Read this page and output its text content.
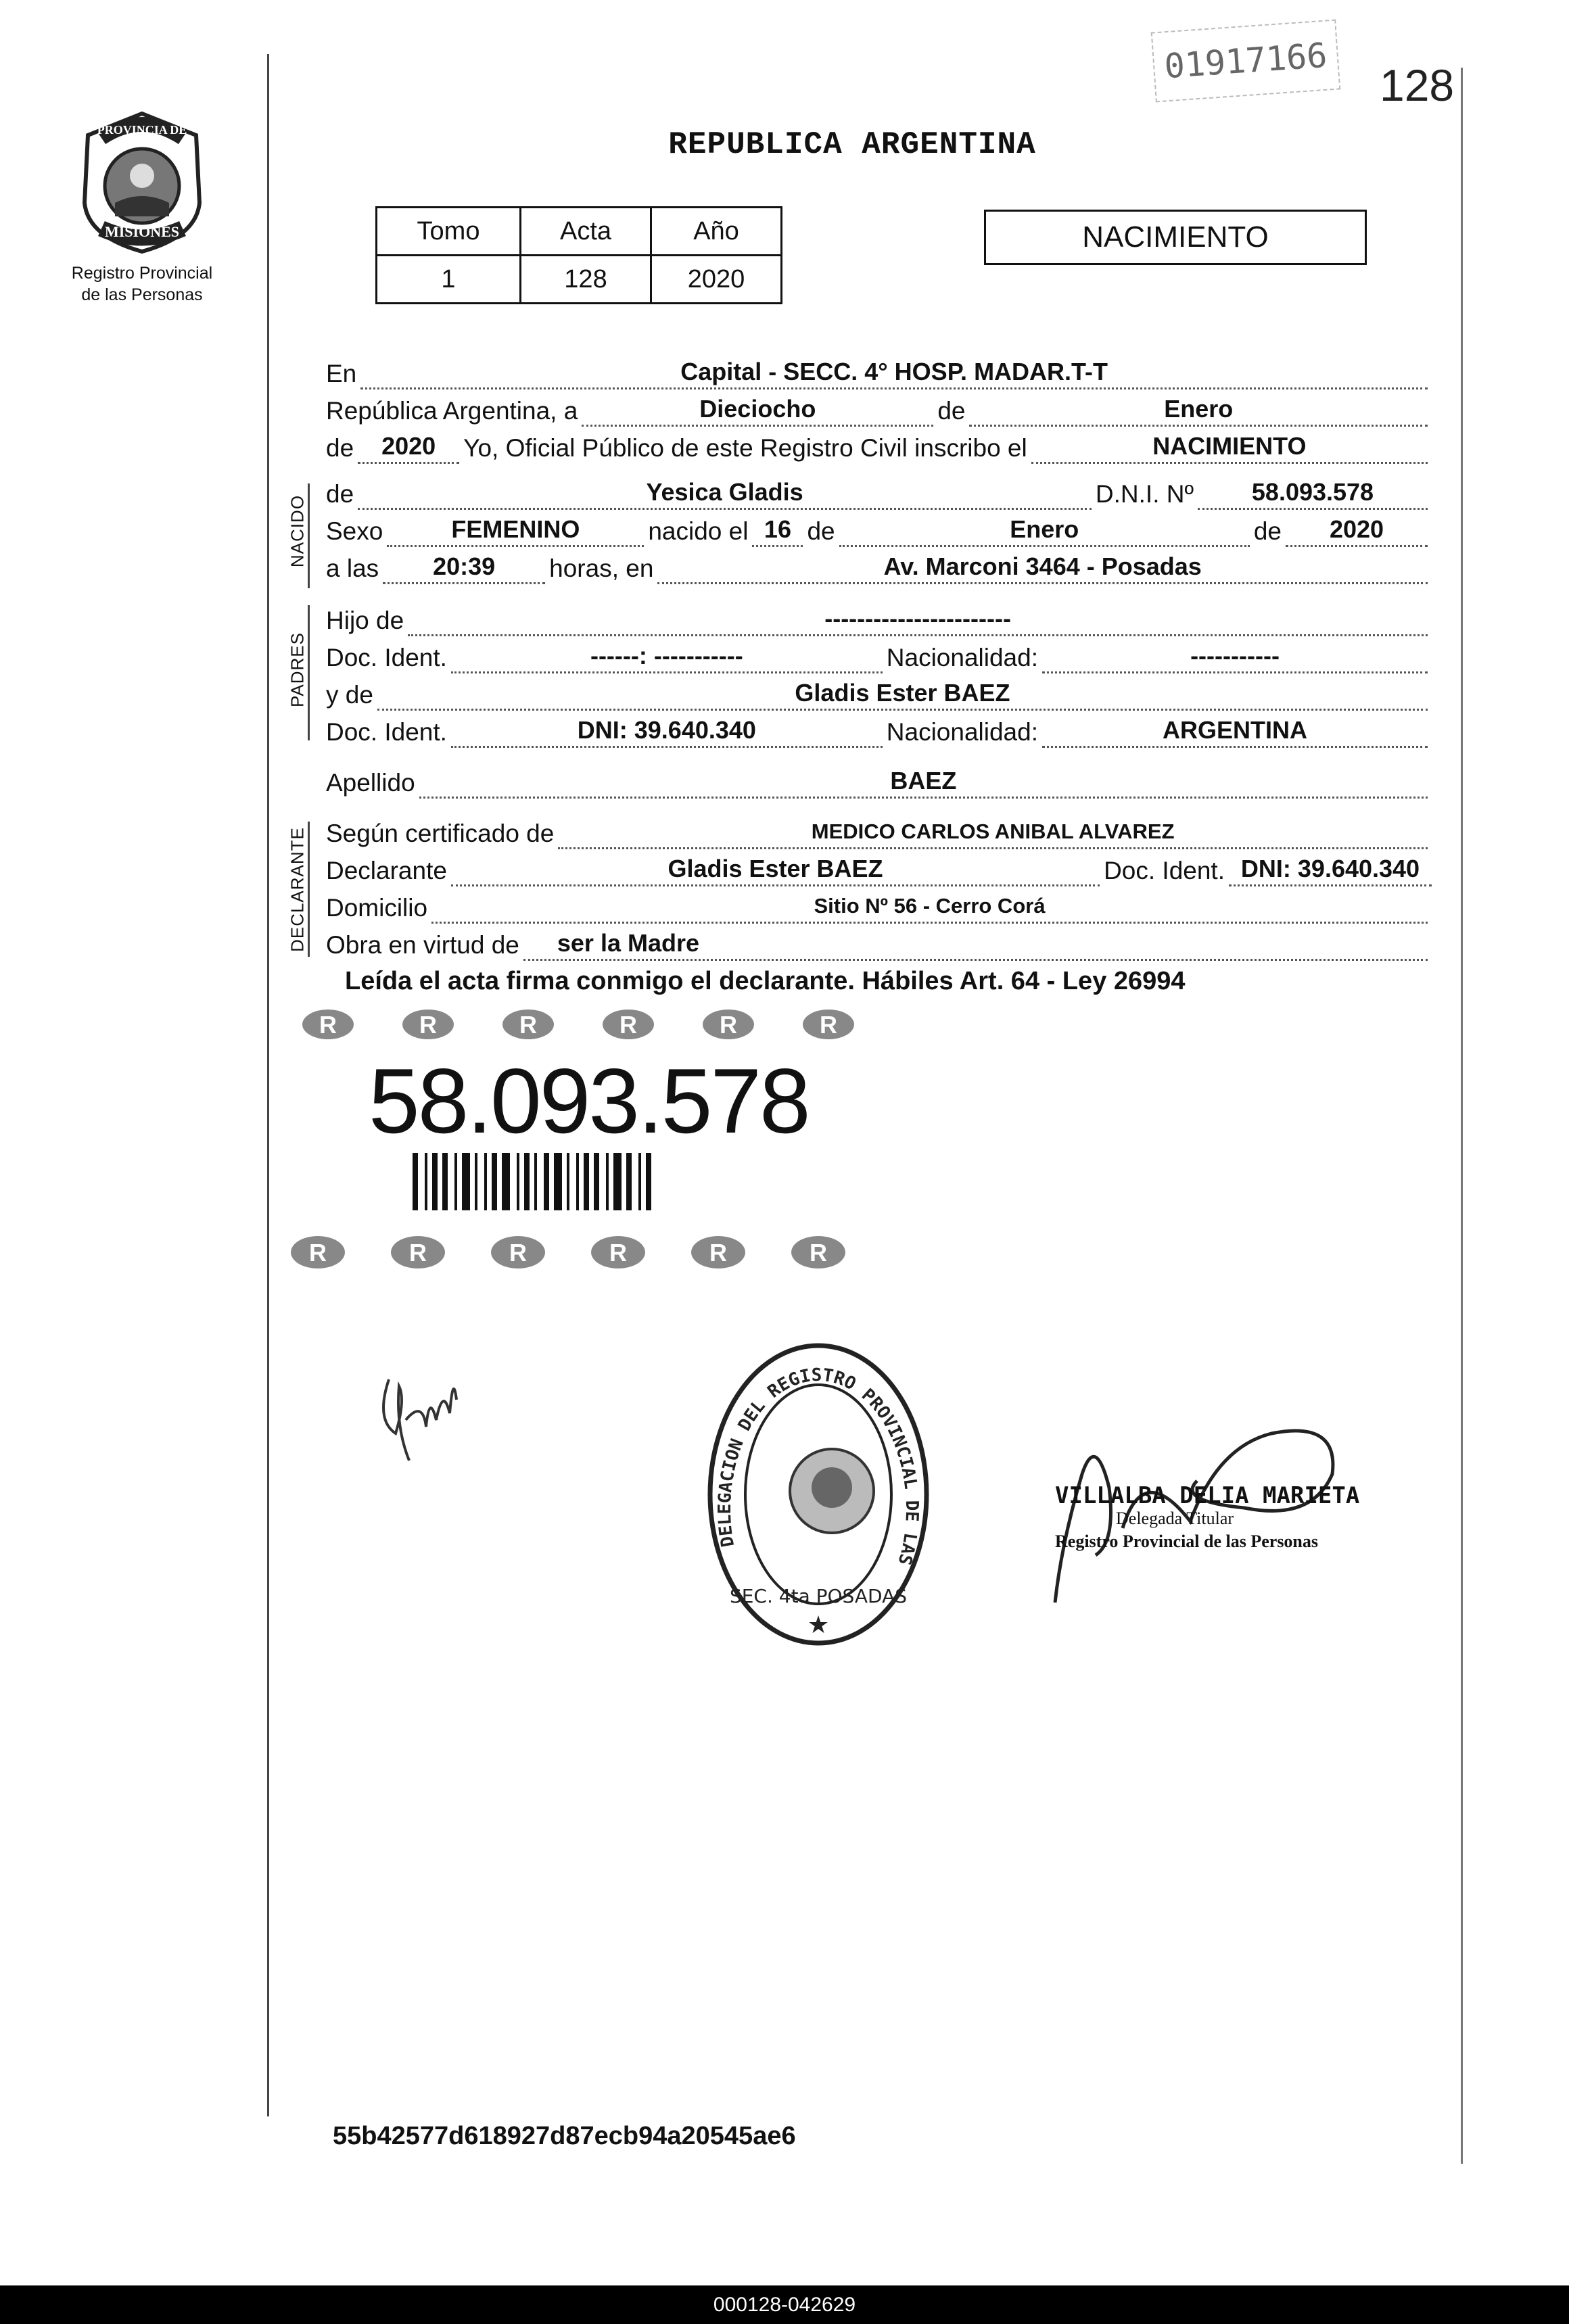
01917166 128
PROVINCIA DE
MISIONES
Registro Provincial
de las Personas
REPUBLICA ARGENTINA
Tomo	Acta	Año
1	128	2020
NACIMIENTO
En	Capital - SECC. 4° HOSP. MADAR.T-T
República Argentina, a	Dieciocho	de	Enero
de	2020	Yo, Oficial Público de este Registro Civil inscribo el	NACIMIENTO
NACIDO
de	Yesica Gladis	D.N.I. Nº	58.093.578
Sexo	FEMENINO	nacido el 16 de	Enero	de	2020
a las	20:39	horas, en	Av. Marconi 3464 - Posadas
PADRES
Hijo de	-----------------------
Doc. Ident.	------: -----------	Nacionalidad:	-----------
y de	Gladis Ester BAEZ
Doc. Ident.	DNI: 39.640.340	Nacionalidad:	ARGENTINA
Apellido	BAEZ
DECLARANTE Según certificado de	MEDICO CARLOS ANIBAL ALVAREZ
Declarante	Gladis Ester BAEZ	Doc. Ident. DNI: 39.640.340
Domicilio	Sitio Nº 56 - Cerro Corá
Obra en virtud de ser la Madre
Leída el acta firma conmigo el declarante. Hábiles Art. 64 - Ley 26994
R	R	R	R	R	R
R	R	R	R	R	R
58.093.578
DELEGACION DEL REGISTRO PROVINCIAL DE LAS
SEC. 4ta POSADAS
★
VILLALBA DELIA MARIETA
Delegada Titular
Registro Provincial de las Personas
55b42577d618927d87ecb94a20545ae6
000128-042629
